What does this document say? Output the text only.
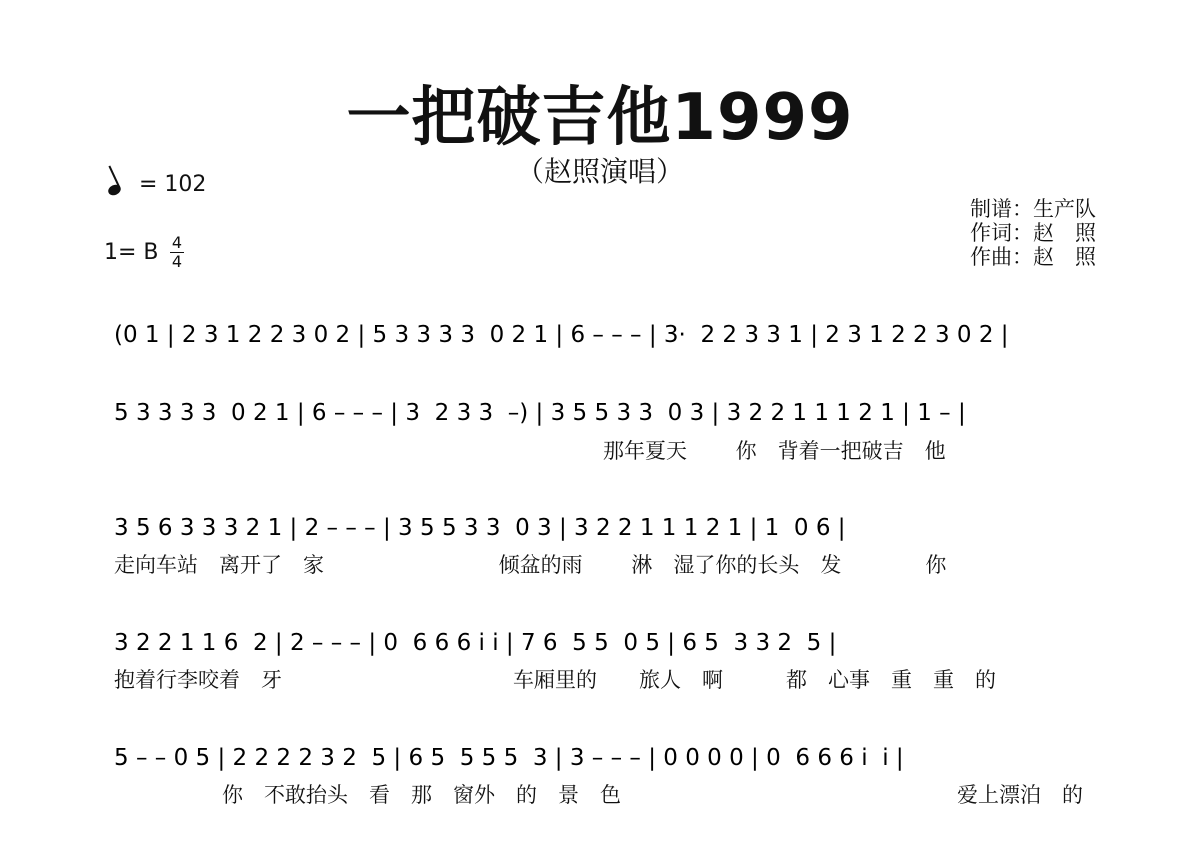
一把破吉他1999
（赵照演唱）
= 102
1= B 4
4
制谱：生产队
作词：赵　照
作曲：赵　照
(0 1 | 2 3 1 2 2 3 0 2 | 5 3 3 3 3  0 2 1 | 6 – – – | 3·  2 2 3 3 1 | 2 3 1 2 2 3 0 2 |
5 3 3 3 3  0 2 1 | 6 – – – | 3  2 3 3  –) | 3 5 5 3 3  0 3 | 3 2 2 1 1 1 2 1 | 1 – |
那年夏天　　 你　背着一把破吉　他
3 5 6 3 3 3 2 1 | 2 – – – | 3 5 5 3 3  0 3 | 3 2 2 1 1 1 2 1 | 1  0 6 |
走向车站　离开了　家　　　　　　　　 倾盆的雨　　 淋　湿了你的长头　发　　　　你
3 2 2 1 1 6  2 | 2 – – – | 0  6 6 6 i i | 7 6  5 5  0 5 | 6 5  3 3 2  5 |
抱着行李咬着　牙　　　　　　　　　　　车厢里的　　旅人　啊　　　都　心事　重　重　的
5 – – 0 5 | 2 2 2 2 3 2  5 | 6 5  5 5 5  3 | 3 – – – | 0 0 0 0 | 0  6 6 6 i  i |
你　不敢抬头　看　那　窗外　的　景　色　　　　　　　　　　　　　　　　爱上漂泊　的
